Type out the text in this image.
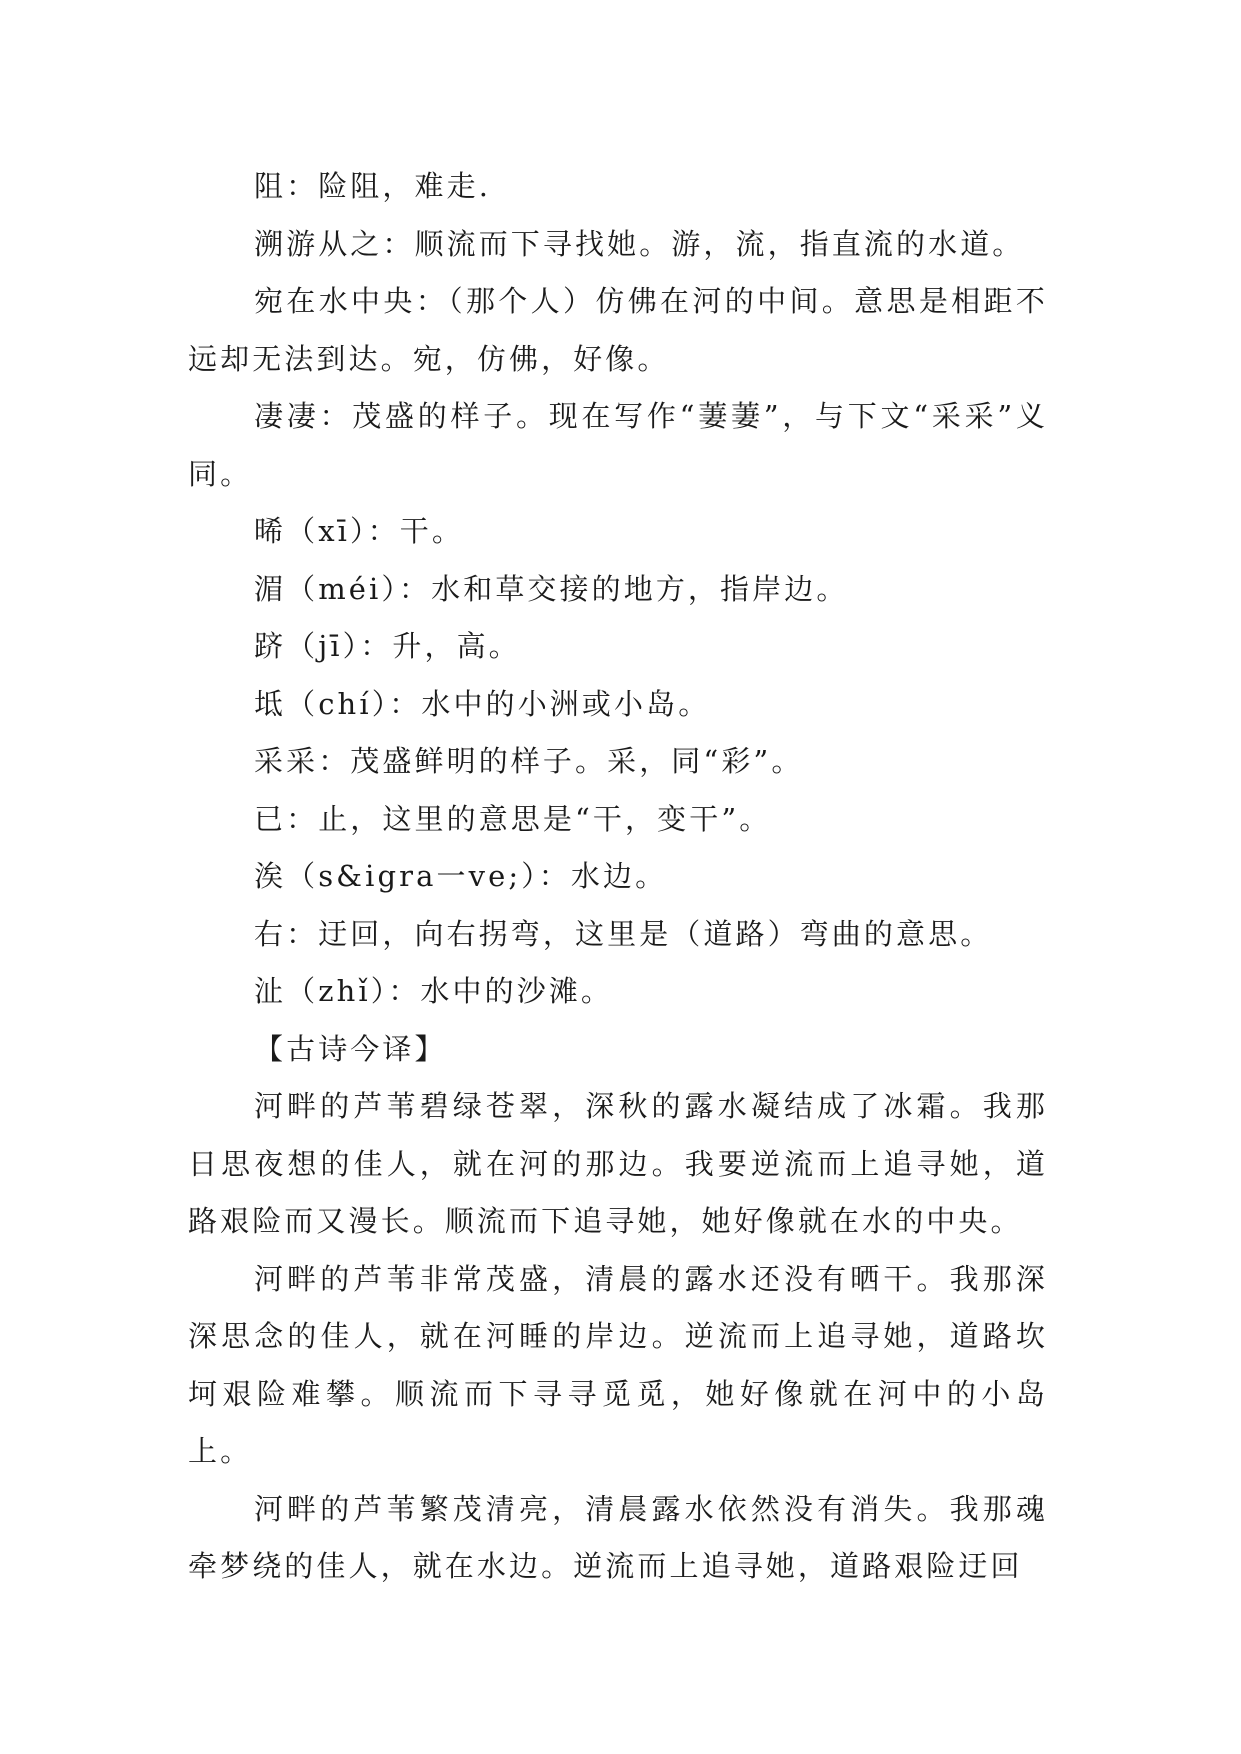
阻：险阻，难走.

溯游从之：顺流而下寻找她。游，流，指直流的水道。

宛在水中央：（那个人）仿佛在河的中间。意思是相距不远却无法到达。宛，仿佛，好像。

凄凄：茂盛的样子。现在写作“萋萋”，与下文“采采”义同。

晞（xī）：干。

湄（méi）：水和草交接的地方，指岸边。

跻（jī）：升，高。

坻（chí）：水中的小洲或小岛。

采采：茂盛鲜明的样子。采，同“彩”。

已：止，这里的意思是“干，变干”。

涘（s&igra一ve;）：水边。

右：迂回，向右拐弯，这里是（道路）弯曲的意思。

沚（zhǐ）：水中的沙滩。

【古诗今译】

河畔的芦苇碧绿苍翠，深秋的露水凝结成了冰霜。我那日思夜想的佳人，就在河的那边。我要逆流而上追寻她，道路艰险而又漫长。顺流而下追寻她，她好像就在水的中央。

河畔的芦苇非常茂盛，清晨的露水还没有晒干。我那深深思念的佳人，就在河睡的岸边。逆流而上追寻她，道路坎坷艰险难攀。顺流而下寻寻觅觅，她好像就在河中的小岛上。

河畔的芦苇繁茂清亮，清晨露水依然没有消失。我那魂牵梦绕的佳人，就在水边。逆流而上追寻她，道路艰险迂回
